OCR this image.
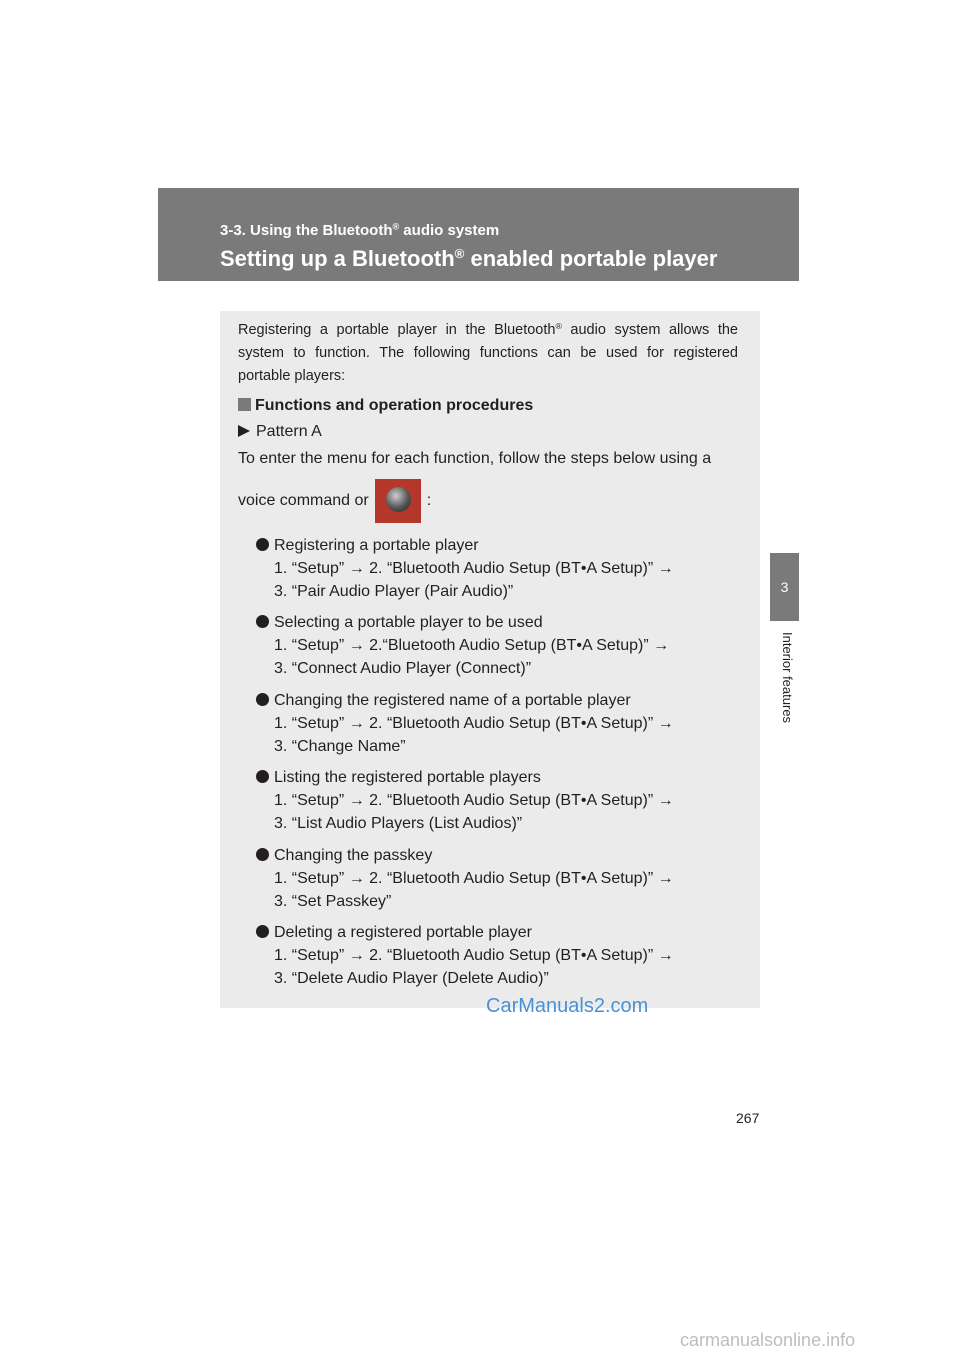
3-3. Using the Bluetooth® audio system
Setting up a Bluetooth® enabled portable player
3
Interior features
Registering a portable player in the Bluetooth® audio system allows the system to function. The following functions can be used for registered portable players:
Functions and operation procedures
Pattern A
To enter the menu for each function, follow the steps below using a
voice command or	:
Registering a portable player
1. “Setup” → 2. “Bluetooth Audio Setup (BT•A Setup)” →
3. “Pair Audio Player (Pair Audio)”
Selecting a portable player to be used
1. “Setup” → 2.“Bluetooth Audio Setup (BT•A Setup)” →
3. “Connect Audio Player (Connect)”
Changing the registered name of a portable player
1. “Setup” → 2. “Bluetooth Audio Setup (BT•A Setup)” →
3. “Change Name”
Listing the registered portable players
1. “Setup” → 2. “Bluetooth Audio Setup (BT•A Setup)” →
3. “List Audio Players (List Audios)”
Changing the passkey
1. “Setup” → 2. “Bluetooth Audio Setup (BT•A Setup)” →
3. “Set Passkey”
Deleting a registered portable player
1. “Setup” → 2. “Bluetooth Audio Setup (BT•A Setup)” →
3. “Delete Audio Player (Delete Audio)”
CarManuals2.com
267
carmanualsonline.info
